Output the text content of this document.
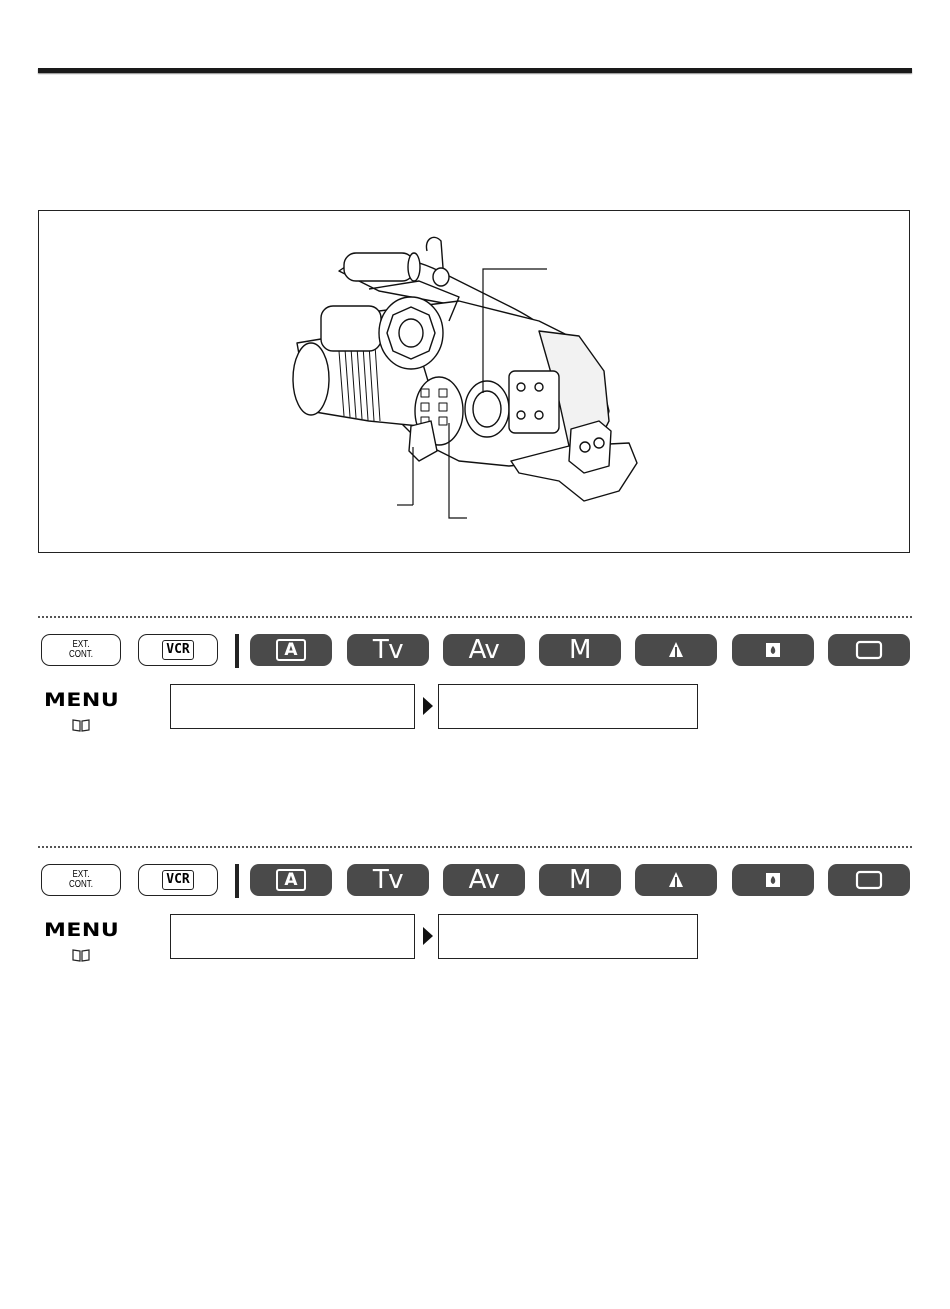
EXT.
CONT.	VCR	A	Tv	Av	M
MENU
EXT.
CONT.	VCR	A	Tv	Av	M
MENU
